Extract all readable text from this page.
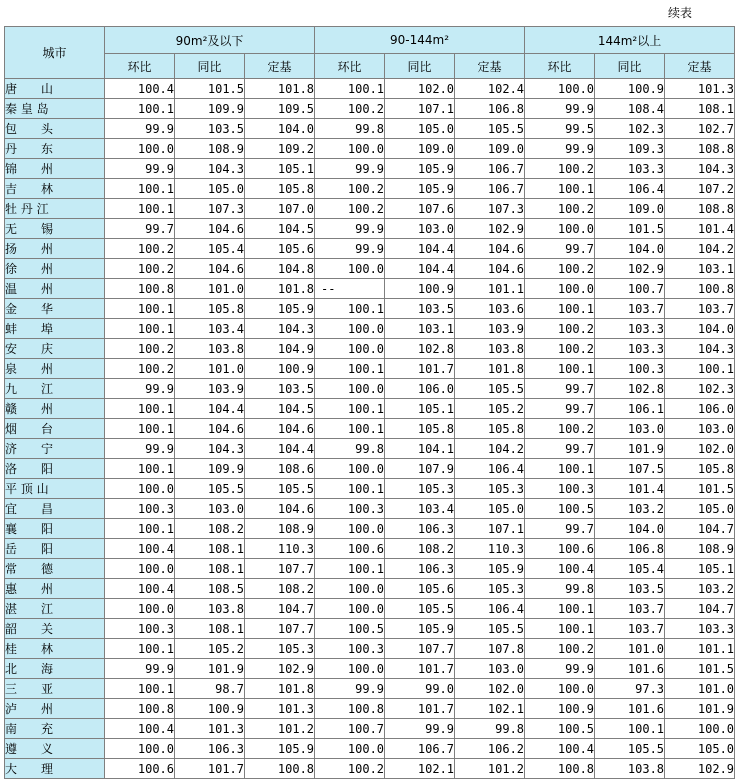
续表
城市	90m²及以下			90-144m²			144m²以上		
	环比	同比	定基	环比	同比	定基	环比	同比	定基
唐　　山	100.4	101.5	101.8	100.1	102.0	102.4	100.0	100.9	101.3
秦 皇 岛	100.1	109.9	109.5	100.2	107.1	106.8	99.9	108.4	108.1
包　　头	99.9	103.5	104.0	99.8	105.0	105.5	99.5	102.3	102.7
丹　　东	100.0	108.9	109.2	100.0	109.0	109.0	99.9	109.3	108.8
锦　　州	99.9	104.3	105.1	99.9	105.9	106.7	100.2	103.3	104.3
吉　　林	100.1	105.0	105.8	100.2	105.9	106.7	100.1	106.4	107.2
牡 丹 江	100.1	107.3	107.0	100.2	107.6	107.3	100.2	109.0	108.8
无　　锡	99.7	104.6	104.5	99.9	103.0	102.9	100.0	101.5	101.4
扬　　州	100.2	105.4	105.6	99.9	104.4	104.6	99.7	104.0	104.2
徐　　州	100.2	104.6	104.8	100.0	104.4	104.6	100.2	102.9	103.1
温　　州	100.8	101.0	101.8	--	100.9	101.1	100.0	100.7	100.8
金　　华	100.1	105.8	105.9	100.1	103.5	103.6	100.1	103.7	103.7
蚌　　埠	100.1	103.4	104.3	100.0	103.1	103.9	100.2	103.3	104.0
安　　庆	100.2	103.8	104.9	100.0	102.8	103.8	100.2	103.3	104.3
泉　　州	100.2	101.0	100.9	100.1	101.7	101.8	100.1	100.3	100.1
九　　江	99.9	103.9	103.5	100.0	106.0	105.5	99.7	102.8	102.3
赣　　州	100.1	104.4	104.5	100.1	105.1	105.2	99.7	106.1	106.0
烟　　台	100.1	104.6	104.6	100.1	105.8	105.8	100.2	103.0	103.0
济　　宁	99.9	104.3	104.4	99.8	104.1	104.2	99.7	101.9	102.0
洛　　阳	100.1	109.9	108.6	100.0	107.9	106.4	100.1	107.5	105.8
平 顶 山	100.0	105.5	105.5	100.1	105.3	105.3	100.3	101.4	101.5
宜　　昌	100.3	103.0	104.6	100.3	103.4	105.0	100.5	103.2	105.0
襄　　阳	100.1	108.2	108.9	100.0	106.3	107.1	99.7	104.0	104.7
岳　　阳	100.4	108.1	110.3	100.6	108.2	110.3	100.6	106.8	108.9
常　　德	100.0	108.1	107.7	100.1	106.3	105.9	100.4	105.4	105.1
惠　　州	100.4	108.5	108.2	100.0	105.6	105.3	99.8	103.5	103.2
湛　　江	100.0	103.8	104.7	100.0	105.5	106.4	100.1	103.7	104.7
韶　　关	100.3	108.1	107.7	100.5	105.9	105.5	100.1	103.7	103.3
桂　　林	100.1	105.2	105.3	100.3	107.7	107.8	100.2	101.0	101.1
北　　海	99.9	101.9	102.9	100.0	101.7	103.0	99.9	101.6	101.5
三　　亚	100.1	98.7	101.8	99.9	99.0	102.0	100.0	97.3	101.0
泸　　州	100.8	100.9	101.3	100.8	101.7	102.1	100.9	101.6	101.9
南　　充	100.4	101.3	101.2	100.7	99.9	99.8	100.5	100.1	100.0
遵　　义	100.0	106.3	105.9	100.0	106.7	106.2	100.4	105.5	105.0
大　　理	100.6	101.7	100.8	100.2	102.1	101.2	100.8	103.8	102.9
